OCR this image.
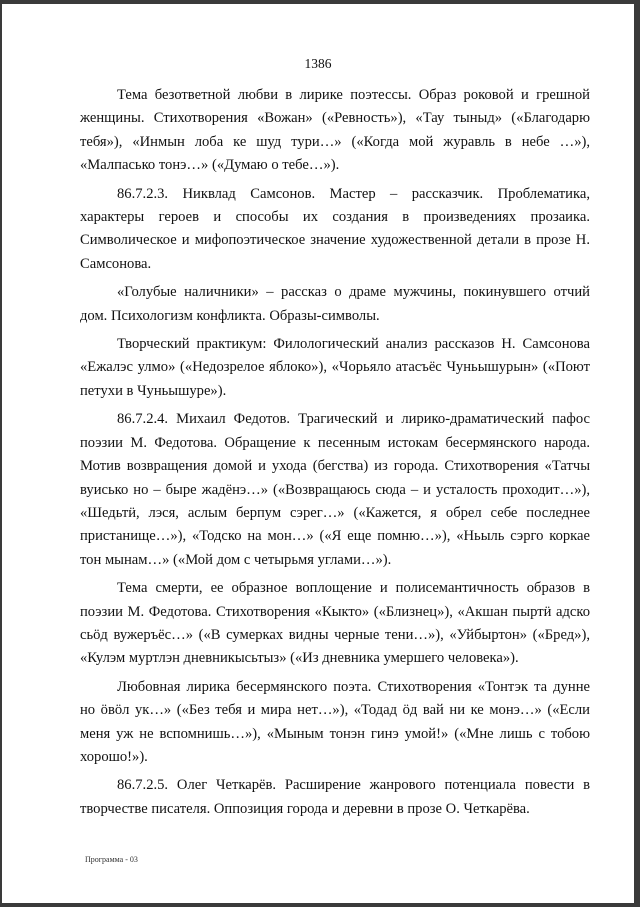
1386

Тема безответной любви в лирике поэтессы. Образ роковой и грешной женщины. Стихотворения «Вожан» («Ревность»), «Тау тыныд» («Благодарю тебя»), «Инмын лоба ке шуд тури…» («Когда мой журавль в небе …»), «Малпасько тонэ…» («Думаю о тебе…»).

86.7.2.3. Никвлад Самсонов. Мастер – рассказчик. Проблематика, характеры героев и способы их создания в произведениях прозаика. Символическое и мифопоэтическое значение художественной детали в прозе Н. Самсонова.

«Голубые наличники» – рассказ о драме мужчины, покинувшего отчий дом. Психологизм конфликта. Образы-символы.

Творческий практикум: Филологический анализ рассказов Н. Самсонова «Ежалэс улмо» («Недозрелое яблоко»), «Чорьяло атасъёс Чуньышурын» («Поют петухи в Чуньышуре»).

86.7.2.4. Михаил Федотов. Трагический и лирико-драматический пафос поэзии М. Федотова. Обращение к песенным истокам бесермянского народа. Мотив возвращения домой и ухода (бегства) из города. Стихотворения «Татчы вуисько но – быре жадёнэ…» («Возвращаюсь сюда – и усталость проходит…»), «Шедьтӥ, лэся, аслым берпум сэрег…» («Кажется, я обрел себе последнее пристанище…»), «Тодско на мон…» («Я еще помню…»), «Ньыль сэрго коркае тон мынам…» («Мой дом с четырьмя углами…»).

Тема смерти, ее образное воплощение и полисемантичность образов в поэзии М. Федотова. Стихотворения «Кыкто» («Близнец»), «Акшан пыртӥ адско сьӧд вужеръёс…» («В сумерках видны черные тени…»), «Уйбыртон» («Бред»), «Кулэм муртлэн дневникысьтыз» («Из дневника умершего человека»).

Любовная лирика бесермянского поэта. Стихотворения «Тонтэк та дунне но ӧвӧл ук…» («Без тебя и мира нет…»), «Тодад ӧд вай ни ке монэ…» («Если меня уж не вспомнишь…»), «Мыным тонэн гинэ умой!» («Мне лишь с тобою хорошо!»).

86.7.2.5. Олег Четкарёв. Расширение жанрового потенциала повести в творчестве писателя. Оппозиция города и деревни в прозе О. Четкарёва.

Программа - 03
